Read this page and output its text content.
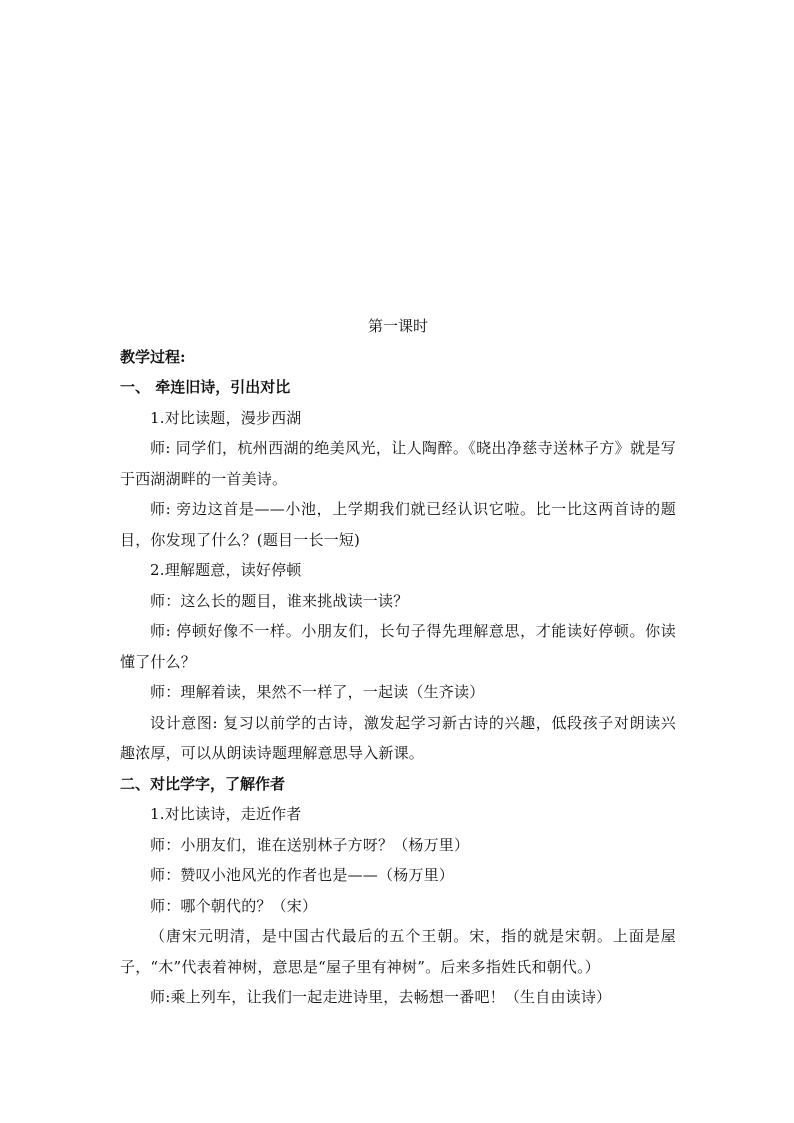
第一课时
教学过程:
一、 牵连旧诗，引出对比
1.对比读题，漫步西湖
师: 同学们，杭州西湖的绝美风光，让人陶醉。《晓出净慈寺送林子方》就是写于西湖湖畔的一首美诗。
师: 旁边这首是——小池，上学期我们就已经认识它啦。比一比这两首诗的题目，你发现了什么？(题目一长一短)
2.理解题意，读好停顿
师：这么长的题目，谁来挑战读一读？
师: 停顿好像不一样。小朋友们，长句子得先理解意思，才能读好停顿。你读懂了什么？
师：理解着读，果然不一样了，一起读（生齐读）
设计意图: 复习以前学的古诗，激发起学习新古诗的兴趣，低段孩子对朗读兴趣浓厚，可以从朗读诗题理解意思导入新课。
二、对比学字，了解作者
1.对比读诗，走近作者
师：小朋友们，谁在送别林子方呀？（杨万里）
师：赞叹小池风光的作者也是——（杨万里）
师：哪个朝代的？（宋）
（唐宋元明清，是中国古代最后的五个王朝。宋，指的就是宋朝。上面是屋子，“木”代表着神树，意思是“屋子里有神树”。后来多指姓氏和朝代。）
师:乘上列车，让我们一起走进诗里，去畅想一番吧！（生自由读诗）
